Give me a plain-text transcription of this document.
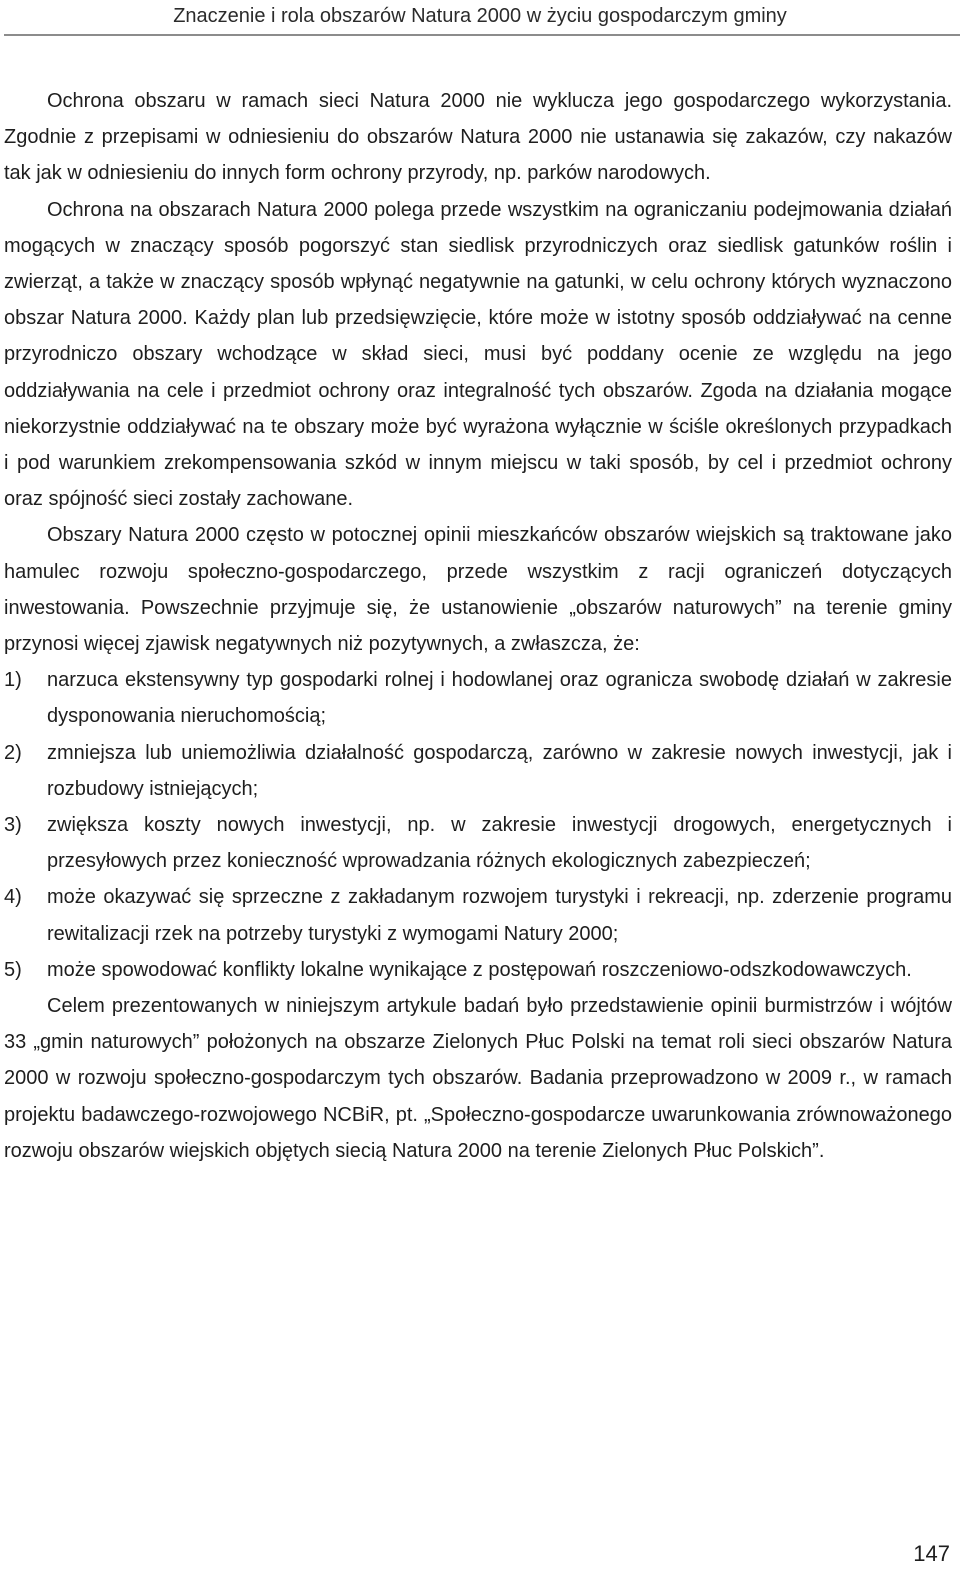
Znaczenie i rola obszarów Natura 2000 w życiu gospodarczym gminy

Ochrona obszaru w ramach sieci Natura 2000 nie wyklucza jego gospodarczego wykorzystania. Zgodnie z przepisami w odniesieniu do obszarów Natura 2000 nie ustanawia się zakazów, czy nakazów tak jak w odniesieniu do innych form ochrony przyrody, np. parków narodowych.

Ochrona na obszarach Natura 2000 polega przede wszystkim na ograniczaniu podejmowania działań mogących w znaczący sposób pogorszyć stan siedlisk przyrodniczych oraz siedlisk gatunków roślin i zwierząt, a także w znaczący sposób wpłynąć negatywnie na gatunki, w celu ochrony których wyznaczono obszar Natura 2000. Każdy plan lub przedsięwzięcie, które może w istotny sposób oddziaływać na cenne przyrodniczo obszary wchodzące w skład sieci, musi być poddany ocenie ze względu na jego oddziaływania na cele i przedmiot ochrony oraz integralność tych obszarów. Zgoda na działania mogące niekorzystnie oddziaływać na te obszary może być wyrażona wyłącznie w ściśle określonych przypadkach i pod warunkiem zrekompensowania szkód w innym miejscu w taki sposób, by cel i przedmiot ochrony oraz spójność sieci zostały zachowane.

Obszary Natura 2000 często w potocznej opinii mieszkańców obszarów wiejskich są traktowane jako hamulec rozwoju społeczno-gospodarczego, przede wszystkim z racji ograniczeń dotyczących inwestowania. Powszechnie przyjmuje się, że ustanowienie „obszarów naturowych” na terenie gminy przynosi więcej zjawisk negatywnych niż pozytywnych, a zwłaszcza, że:

1) narzuca ekstensywny typ gospodarki rolnej i hodowlanej oraz ogranicza swobodę działań w zakresie dysponowania nieruchomością;
2) zmniejsza lub uniemożliwia działalność gospodarczą, zarówno w zakresie nowych inwestycji, jak i rozbudowy istniejących;
3) zwiększa koszty nowych inwestycji, np. w zakresie inwestycji drogowych, energetycznych i przesyłowych przez konieczność wprowadzania różnych ekologicznych zabezpieczeń;
4) może okazywać się sprzeczne z zakładanym rozwojem turystyki i rekreacji, np. zderzenie programu rewitalizacji rzek na potrzeby turystyki z wymogami Natury 2000;
5) może spowodować konflikty lokalne wynikające z postępowań roszczeniowo-odszkodowawczych.

Celem prezentowanych w niniejszym artykule badań było przedstawienie opinii burmistrzów i wójtów 33 „gmin naturowych” położonych na obszarze Zielonych Płuc Polski na temat roli sieci obszarów Natura 2000 w rozwoju społeczno-gospodarczym tych obszarów. Badania przeprowadzono w 2009 r., w ramach projektu badawczego-rozwojowego NCBiR, pt. „Społeczno-gospodarcze uwarunkowania zrównoważonego rozwoju obszarów wiejskich objętych siecią Natura 2000 na terenie Zielonych Płuc Polskich”.

147
